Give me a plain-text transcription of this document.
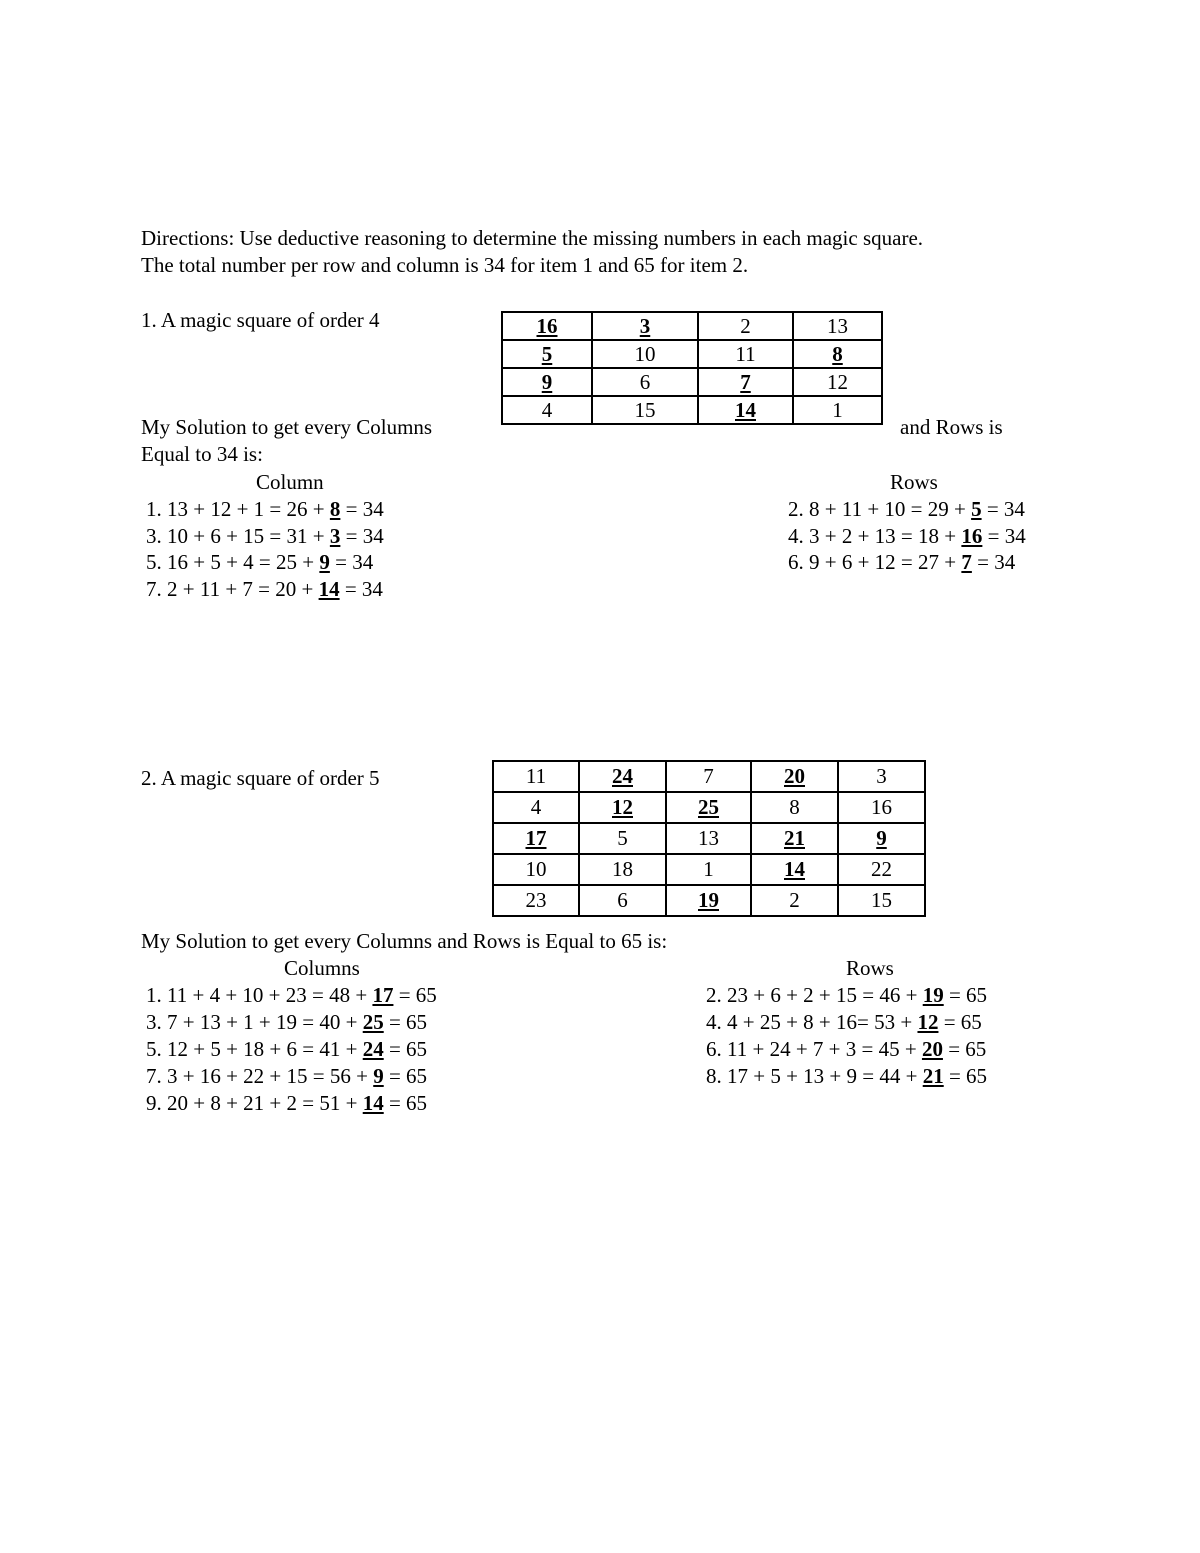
Directions: Use deductive reasoning to determine the missing numbers in each magic square.
The total number per row and column is 34 for item 1 and 65 for item 2.
1. A magic square of order 4	16	3	2	13
5	10	11	8
9	6	7	12
4	15	14	1
My Solution to get every Columns	and Rows is
Equal to 34 is:
Column	Rows
1. 13 + 12 + 1 = 26 + 8 = 34
3. 10 + 6 + 15 = 31 + 3 = 34
5. 16 + 5 + 4 = 25 + 9 = 34
7. 2 + 11 + 7 = 20 + 14 = 34
2. 8 + 11 + 10 = 29 + 5 = 34
4. 3 + 2 + 13 = 18 + 16 = 34
6. 9 + 6 + 12 = 27 + 7 = 34
2. A magic square of order 5	11	24	7	20	3
4	12	25	8	16
17	5	13	21	9
10	18	1	14	22
23	6	19	2	15
My Solution to get every Columns and Rows is Equal to 65 is:
Columns	Rows
1. 11 + 4 + 10 + 23 = 48 + 17 = 65
3. 7 + 13 + 1 + 19 = 40 + 25 = 65
5. 12 + 5 + 18 + 6 = 41 + 24 = 65
7. 3 + 16 + 22 + 15 = 56 + 9 = 65
9. 20 + 8 + 21 + 2 = 51 + 14 = 65
2. 23 + 6 + 2 + 15 = 46 + 19 = 65
4. 4 + 25 + 8 + 16= 53 + 12 = 65
6. 11 + 24 + 7 + 3 = 45 + 20 = 65
8. 17 + 5 + 13 + 9 = 44 + 21 = 65
